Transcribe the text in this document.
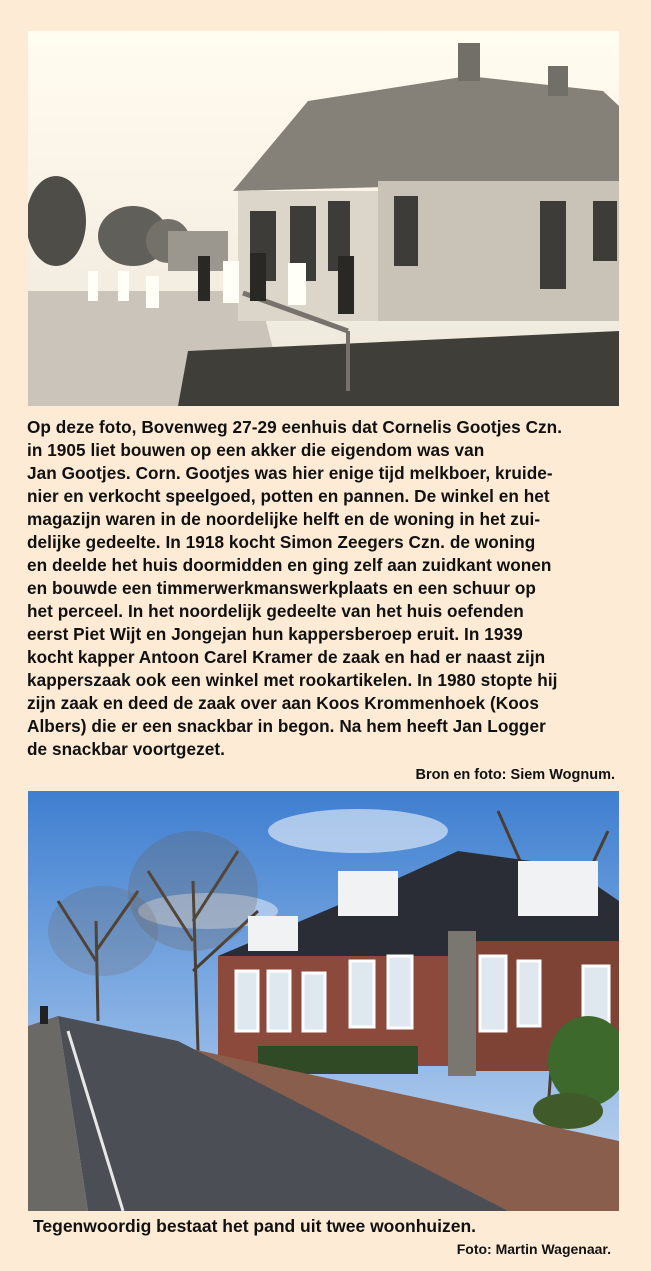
Op deze foto, Bovenweg 27-29 eenhuis dat Cornelis Gootjes Czn.
in 1905 liet bouwen op een akker die eigendom was van
Jan Gootjes. Corn. Gootjes was hier enige tijd melkboer, kruide-
nier en verkocht speelgoed, potten en pannen. De winkel en het
magazijn waren in de noordelijke helft en de woning in het zui-
delijke gedeelte. In 1918 kocht Simon Zeegers Czn. de woning
en deelde het huis doormidden en ging zelf aan zuidkant wonen
en bouwde een timmerwerkmanswerkplaats en een schuur op
het perceel. In het noordelijk gedeelte van het huis oefenden
eerst Piet Wijt en Jongejan hun kappersberoep eruit. In 1939
kocht kapper Antoon Carel Kramer de zaak en had er naast zijn
kapperszaak ook een winkel met rookartikelen. In 1980 stopte hij
zijn zaak en deed de zaak over aan Koos Krommenhoek (Koos
Albers) die er een snackbar in begon. Na hem heeft Jan Logger
de snackbar voortgezet.

Bron en foto: Siem Wognum.
Tegenwoordig bestaat het pand uit twee woonhuizen.
Foto: Martin Wagenaar.
